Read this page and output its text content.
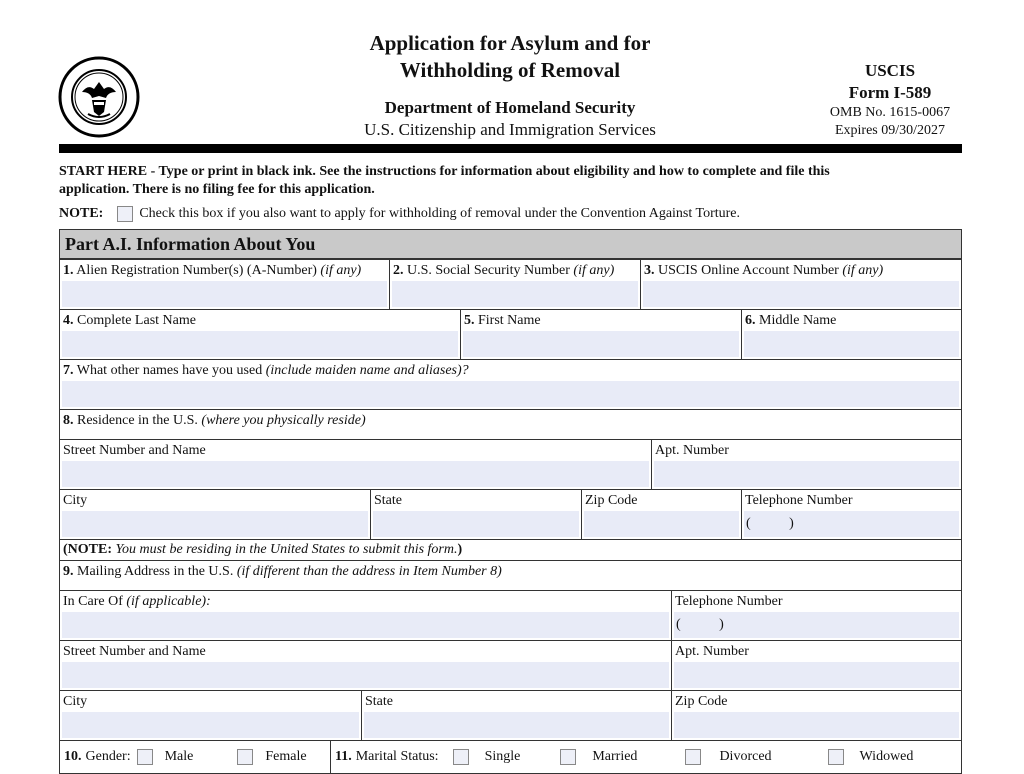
Application for Asylum and for
Withholding of Removal
Department of Homeland Security
U.S. Citizenship and Immigration Services
USCIS
Form I-589
OMB No. 1615-0067
Expires 09/30/2027
START HERE - Type or print in black ink. See the instructions for information about eligibility and how to complete and file this
application. There is no filing fee for this application.
NOTE:	Check this box if you also want to apply for withholding of removal under the Convention Against Torture.
Part A.I. Information About You
1. Alien Registration Number(s) (A-Number) (if any)	2. U.S. Social Security Number (if any)	3. USCIS Online Account Number (if any)
4. Complete Last Name	5. First Name	6. Middle Name
7. What other names have you used (include maiden name and aliases)?
8. Residence in the U.S. (where you physically reside)
Street Number and Name	Apt. Number
City	State	Zip Code	Telephone Number
(           )
(NOTE: You must be residing in the United States to submit this form.)
9. Mailing Address in the U.S. (if different than the address in Item Number 8)
In Care Of (if applicable):	Telephone Number
(           )
Street Number and Name	Apt. Number
City	State	Zip Code
10. Gender: Male	Female 11. Marital Status:	Single	Married	Divorced	Widowed
